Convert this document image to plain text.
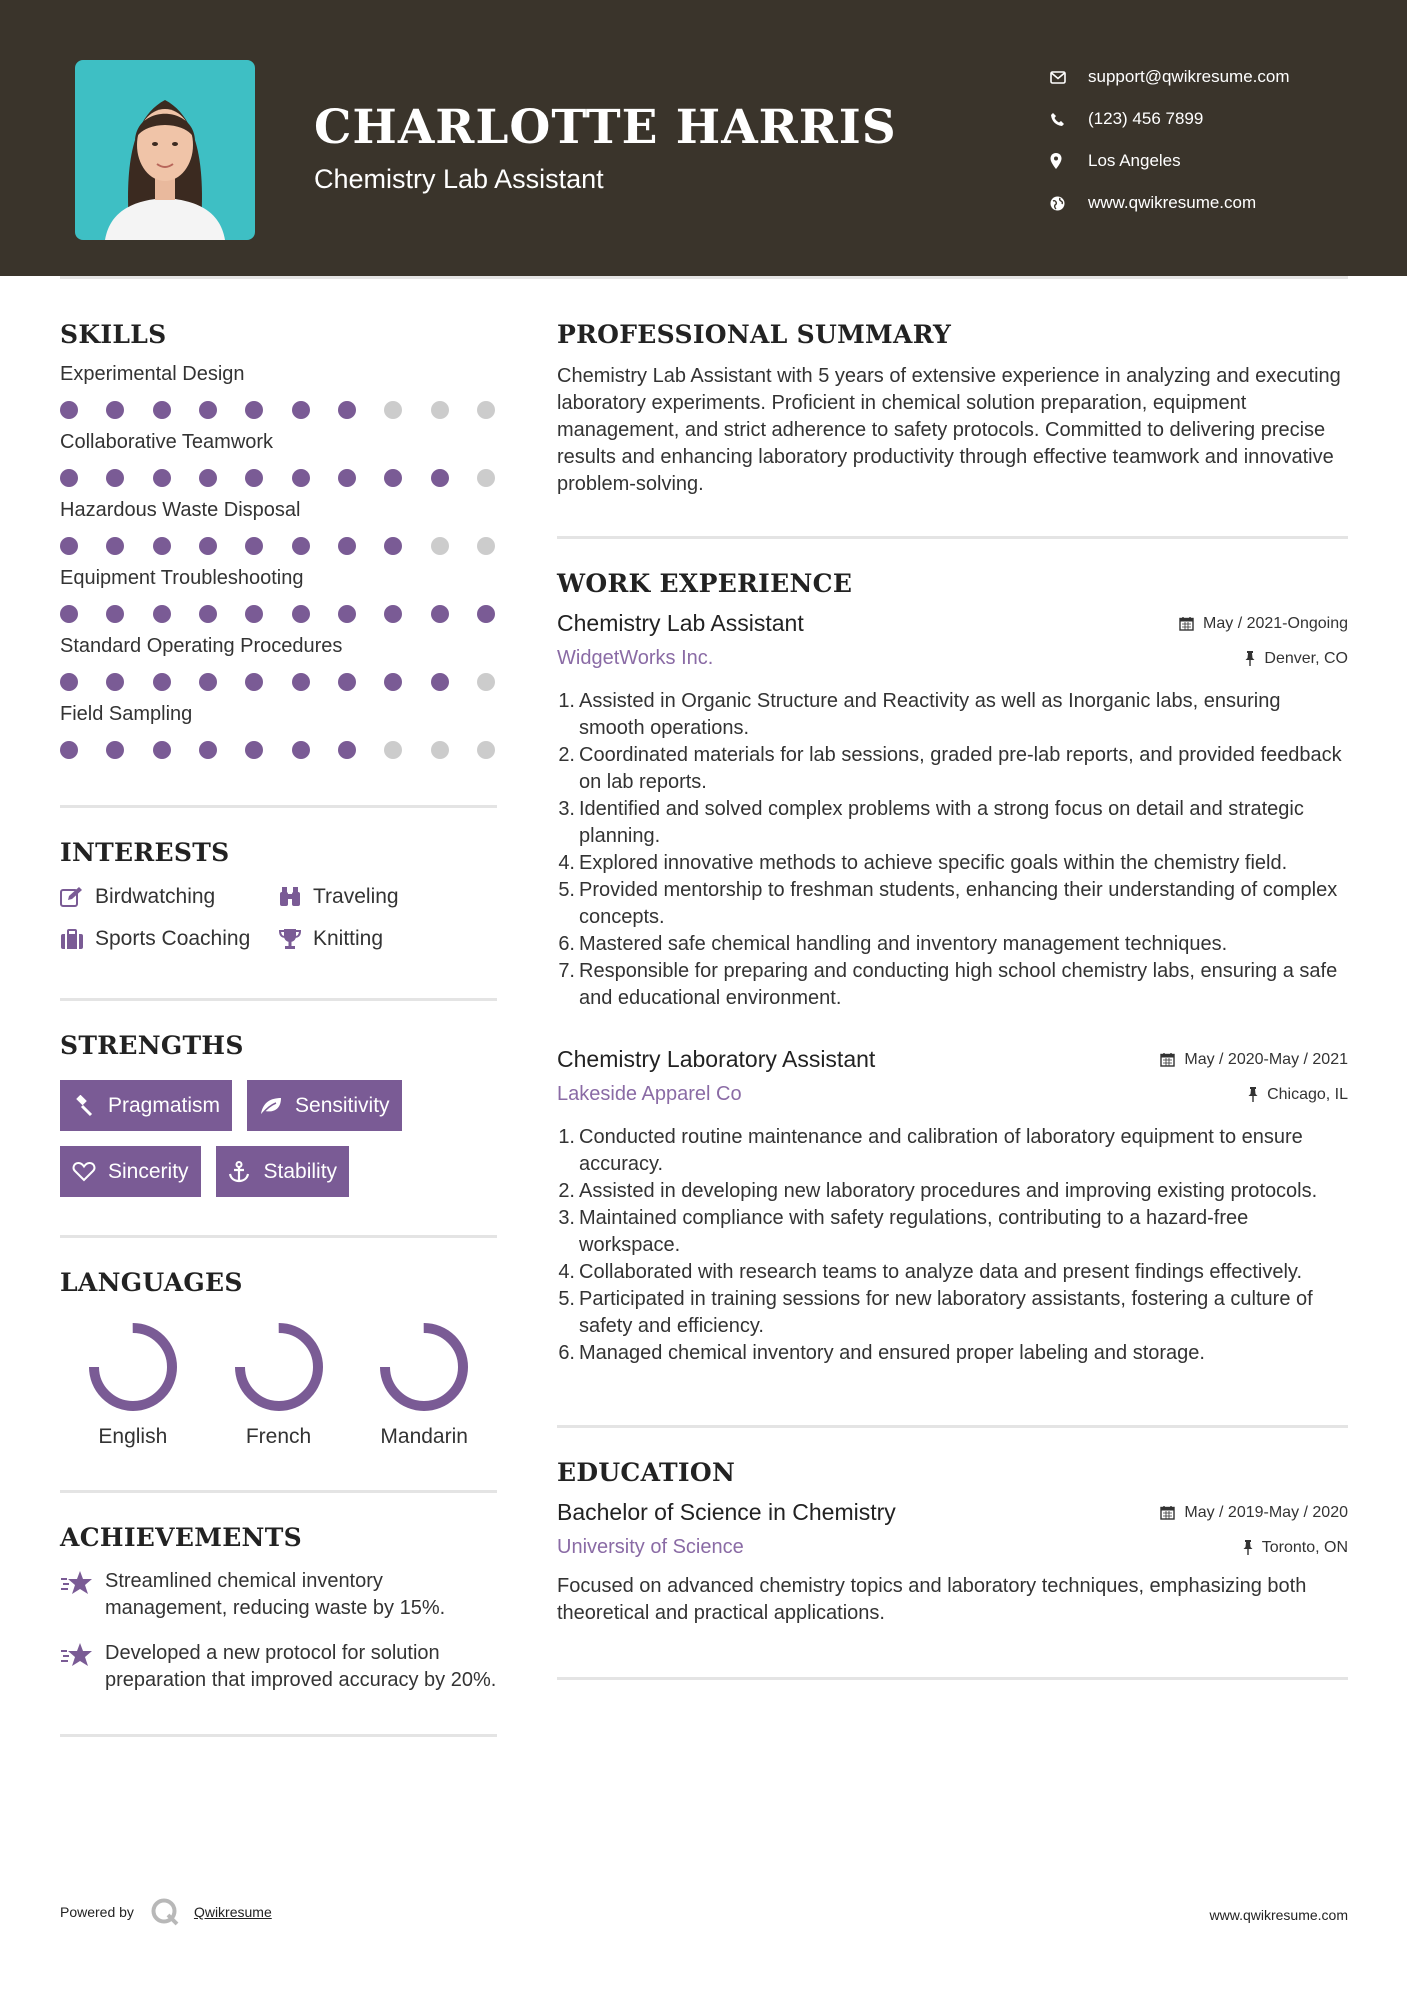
CHARLOTTE HARRIS
Chemistry Lab Assistant
support@qwikresume.com
(123) 456 7899
Los Angeles
www.qwikresume.com
SKILLS
Experimental Design
Collaborative Teamwork
Hazardous Waste Disposal
Equipment Troubleshooting
Standard Operating Procedures
Field Sampling
INTERESTS
Birdwatching	Traveling
Sports Coaching	Knitting
STRENGTHS
Pragmatism	Sensitivity
Sincerity	Stability
LANGUAGES
English	French	Mandarin
ACHIEVEMENTS
Streamlined chemical inventory management, reducing waste by 15%.
Developed a new protocol for solution preparation that improved accuracy by 20%.
PROFESSIONAL SUMMARY
Chemistry Lab Assistant with 5 years of extensive experience in analyzing and executing laboratory experiments. Proficient in chemical solution preparation, equipment management, and strict adherence to safety protocols. Committed to delivering precise results and enhancing laboratory productivity through effective teamwork and innovative problem-solving.
WORK EXPERIENCE
Chemistry Lab Assistant	May / 2021-Ongoing
WidgetWorks Inc.	Denver, CO
1. Assisted in Organic Structure and Reactivity as well as Inorganic labs, ensuring smooth operations.
2. Coordinated materials for lab sessions, graded pre-lab reports, and provided feedback on lab reports.
3. Identified and solved complex problems with a strong focus on detail and strategic planning.
4. Explored innovative methods to achieve specific goals within the chemistry field.
5. Provided mentorship to freshman students, enhancing their understanding of complex concepts.
6. Mastered safe chemical handling and inventory management techniques.
7. Responsible for preparing and conducting high school chemistry labs, ensuring a safe and educational environment.
Chemistry Laboratory Assistant	May / 2020-May / 2021
Lakeside Apparel Co	Chicago, IL
1. Conducted routine maintenance and calibration of laboratory equipment to ensure accuracy.
2. Assisted in developing new laboratory procedures and improving existing protocols.
3. Maintained compliance with safety regulations, contributing to a hazard-free workspace.
4. Collaborated with research teams to analyze data and present findings effectively.
5. Participated in training sessions for new laboratory assistants, fostering a culture of safety and efficiency.
6. Managed chemical inventory and ensured proper labeling and storage.
EDUCATION
Bachelor of Science in Chemistry	May / 2019-May / 2020
University of Science	Toronto, ON
Focused on advanced chemistry topics and laboratory techniques, emphasizing both theoretical and practical applications.
Powered by	Qwikresume	www.qwikresume.com
